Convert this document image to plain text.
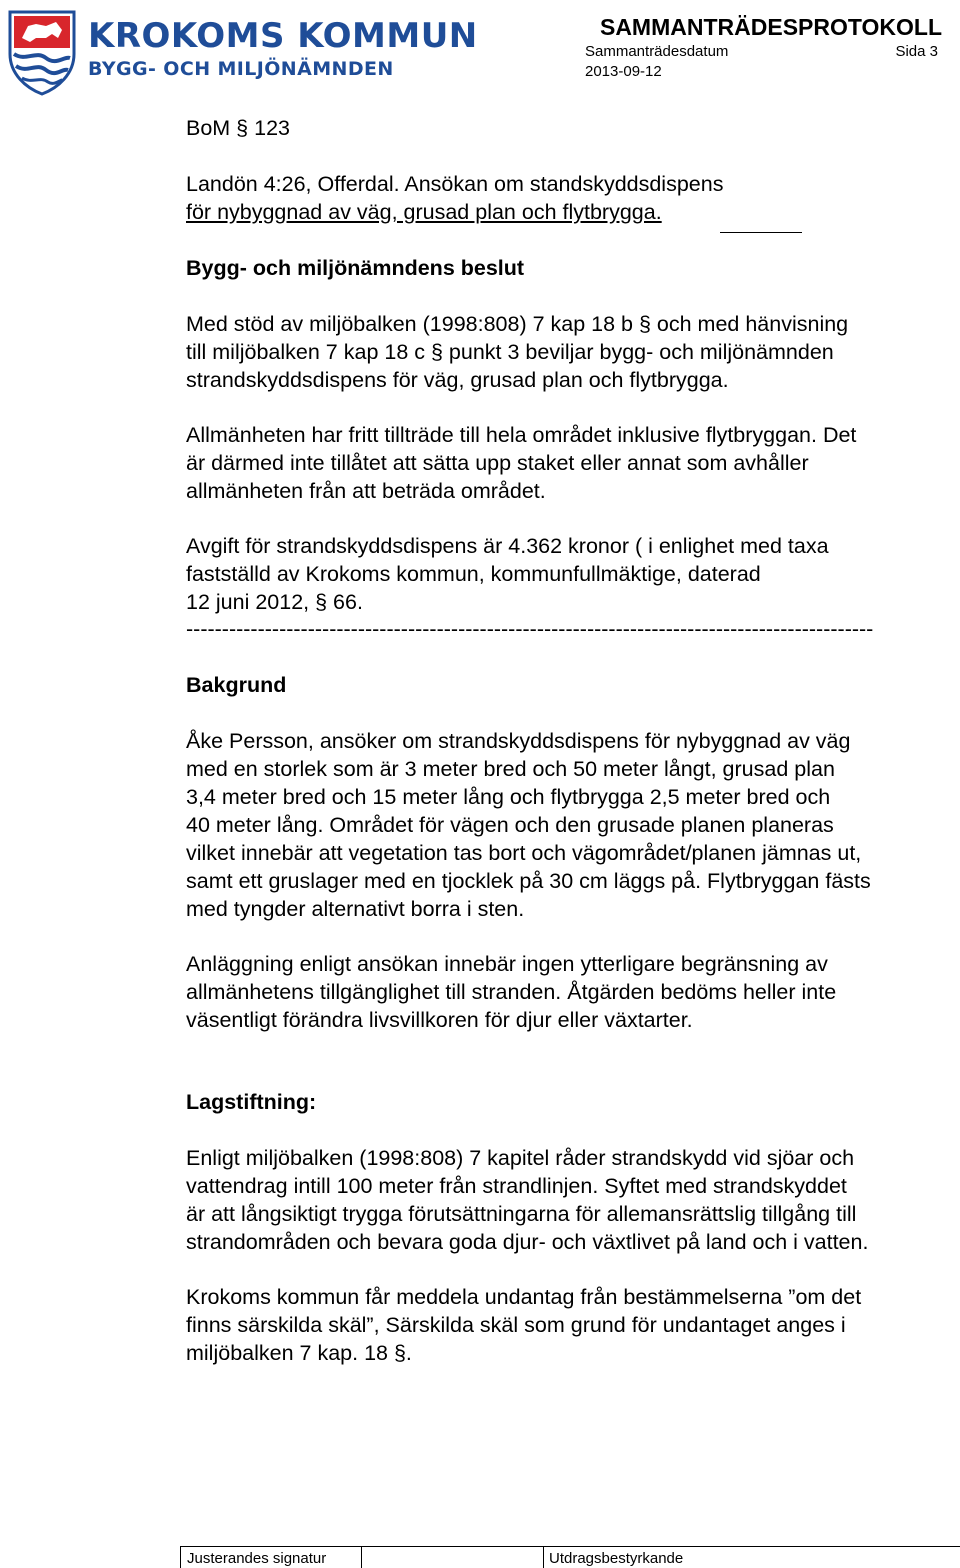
KROKOMS KOMMUN
BYGG- OCH MILJÖNÄMNDEN
SAMMANTRÄDESPROTOKOLL
Sammanträdesdatum	Sida 3
2013-09-12
BoM § 123
Landön 4:26, Offerdal. Ansökan om standskyddsdispens
för nybyggnad av väg, grusad plan och flytbrygga.
Bygg- och miljönämndens beslut
Med stöd av miljöbalken (1998:808) 7 kap 18 b § och med hänvisning
till miljöbalken 7 kap 18 c § punkt 3 beviljar bygg- och miljönämnden
strandskyddsdispens för väg, grusad plan och flytbrygga.
Allmänheten har fritt tillträde till hela området inklusive flytbryggan. Det
är därmed inte tillåtet att sätta upp staket eller annat som avhåller
allmänheten från att beträda området.
Avgift för strandskyddsdispens är 4.362 kronor ( i enlighet med taxa
fastställd av Krokoms kommun, kommunfullmäktige, daterad
12 juni 2012, § 66.
------------------------------------------------------------------------------------------------
Bakgrund
Åke Persson, ansöker om strandskyddsdispens för nybyggnad av väg
med en storlek som är 3 meter bred och 50 meter långt, grusad plan
3,4 meter bred och 15 meter lång och flytbrygga 2,5 meter bred och
40 meter lång. Området för vägen och den grusade planen planeras
vilket innebär att vegetation tas bort och vägområdet/planen jämnas ut,
samt ett gruslager med en tjocklek på 30 cm läggs på. Flytbryggan fästs
med tyngder alternativt borra i sten.
Anläggning enligt ansökan innebär ingen ytterligare begränsning av
allmänhetens tillgänglighet till stranden. Åtgärden bedöms heller inte
väsentligt förändra livsvillkoren för djur eller växtarter.
Lagstiftning:
Enligt miljöbalken (1998:808) 7 kapitel råder strandskydd vid sjöar och
vattendrag intill 100 meter från strandlinjen. Syftet med strandskyddet
är att långsiktigt trygga förutsättningarna för allemansrättslig tillgång till
strandområden och bevara goda djur- och växtlivet på land och i vatten.
Krokoms kommun får meddela undantag från bestämmelserna ”om det
finns särskilda skäl”, Särskilda skäl som grund för undantaget anges i
miljöbalken 7 kap. 18 §.
Justerandes signatur	Utdragsbestyrkande
